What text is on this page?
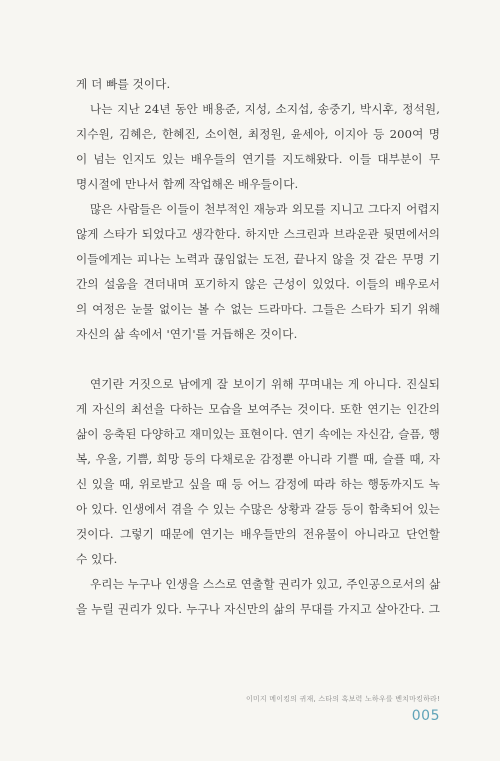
게 더 빠를 것이다.
나는 지난 24년 동안 배용준, 지성, 소지섭, 송중기, 박시후, 정석원,
지수원, 김혜은, 한혜진, 소이현, 최정원, 윤세아, 이지아 등 200여 명
이 넘는 인지도 있는 배우들의 연기를 지도해왔다. 이들 대부분이 무
명시절에 만나서 함께 작업해온 배우들이다.
많은 사람들은 이들이 천부적인 재능과 외모를 지니고 그다지 어렵지
않게 스타가 되었다고 생각한다. 하지만 스크린과 브라운관 뒷면에서의
이들에게는 피나는 노력과 끊임없는 도전, 끝나지 않을 것 같은 무명 기
간의 설움을 견더내며 포기하지 않은 근성이 있었다. 이들의 배우로서
의 여정은 눈물 없이는 볼 수 없는 드라마다. 그들은 스타가 되기 위해
자신의 삶 속에서 '연기'를 거듭해온 것이다.
연기란 거짓으로 남에게 잘 보이기 위해 꾸며내는 게 아니다. 진실되
게 자신의 최선을 다하는 모습을 보여주는 것이다. 또한 연기는 인간의
삶이 응축된 다양하고 재미있는 표현이다. 연기 속에는 자신감, 슬픔, 행
복, 우울, 기쁨, 희망 등의 다채로운 감정뿐 아니라 기쁠 때, 슬플 때, 자
신 있을 때, 위로받고 싶을 때 등 어느 감정에 따라 하는 행동까지도 녹
아 있다. 인생에서 겪을 수 있는 수많은 상황과 갈등 등이 함축되어 있는
것이다. 그렇기 때문에 연기는 배우들만의 전유물이 아니라고 단언할
수 있다.
우리는 누구나 인생을 스스로 연출할 권리가 있고, 주인공으로서의 삶
을 누릴 권리가 있다. 누구나 자신만의 삶의 무대를 가지고 살아간다. 그
이미지 메이킹의 귀재, 스타의 혹보력 노하우를 벤치마킹하라!
005
